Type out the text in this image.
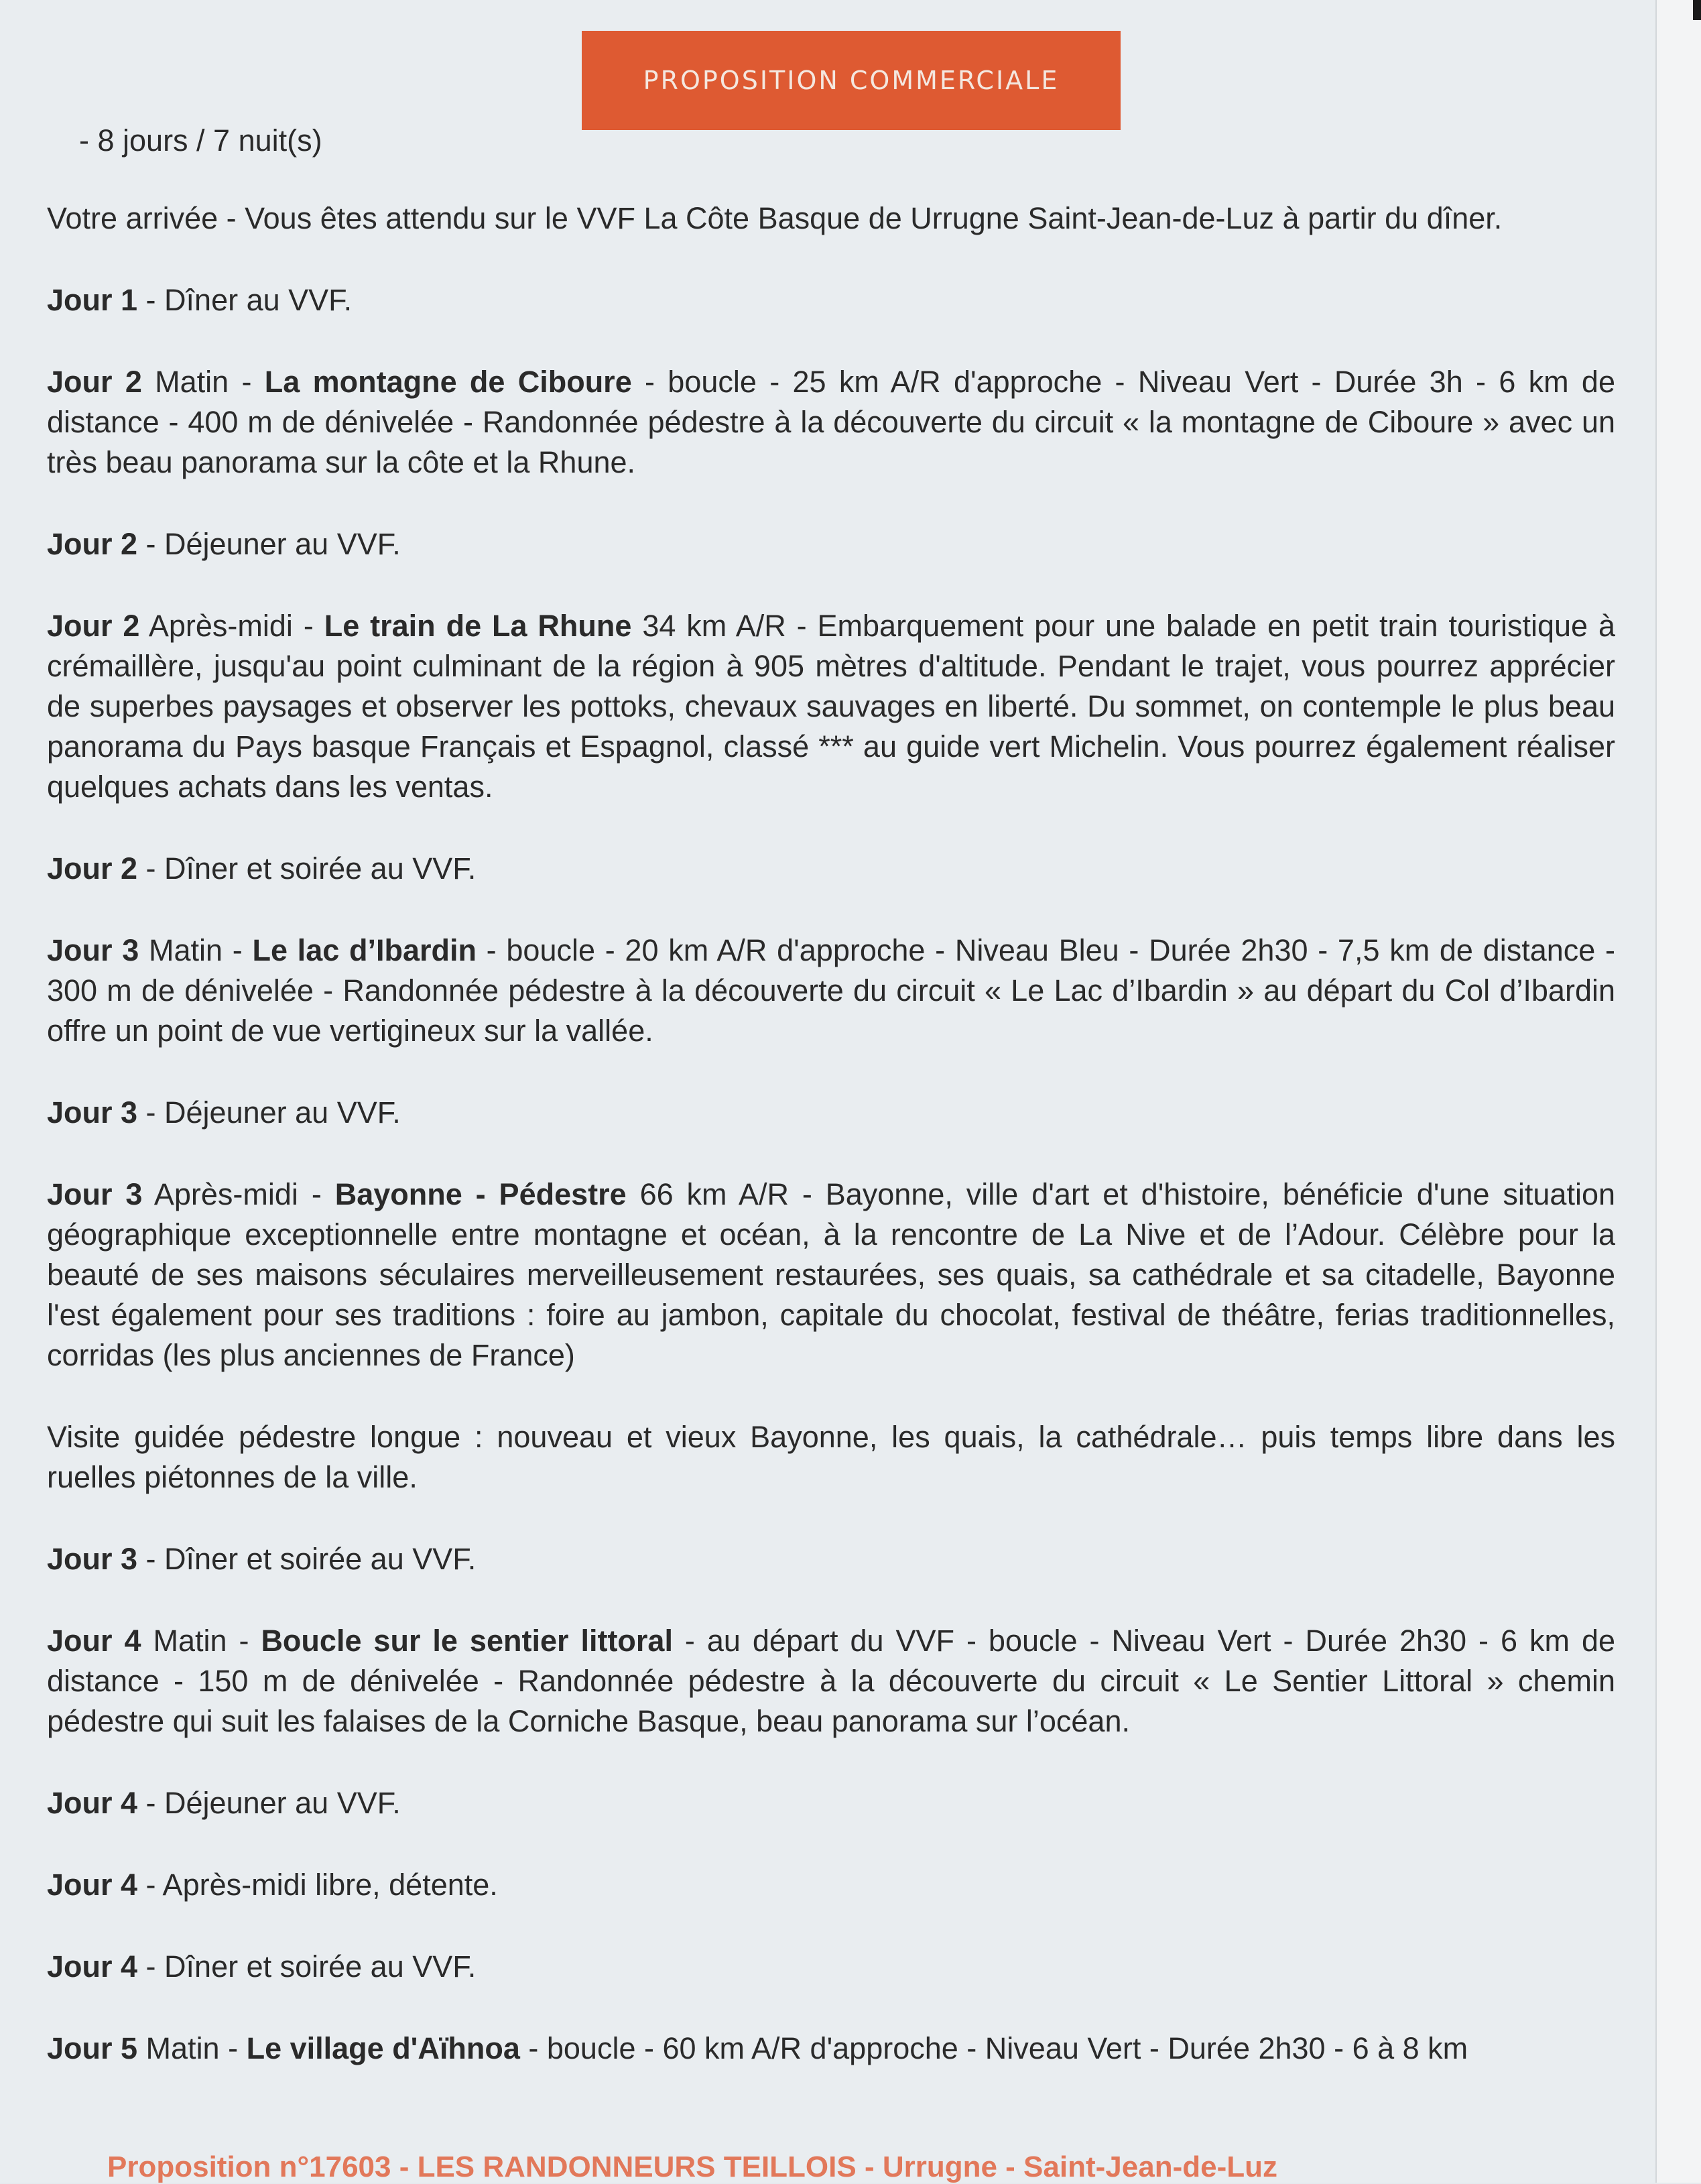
PROPOSITION COMMERCIALE

- 8 jours / 7 nuit(s)

Votre arrivée - Vous êtes attendu sur le VVF La Côte Basque de Urrugne Saint-Jean-de-Luz à partir du dîner.

Jour 1 - Dîner au VVF.

Jour 2 Matin - La montagne de Ciboure - boucle - 25 km A/R d'approche - Niveau Vert - Durée 3h - 6 km de distance - 400 m de dénivelée - Randonnée pédestre à la découverte du circuit « la montagne de Ciboure » avec un très beau panorama sur la côte et la Rhune.

Jour 2 - Déjeuner au VVF.

Jour 2 Après-midi - Le train de La Rhune 34 km A/R - Embarquement pour une balade en petit train touristique à crémaillère, jusqu'au point culminant de la région à 905 mètres d'altitude. Pendant le trajet, vous pourrez apprécier de superbes paysages et observer les pottoks, chevaux sauvages en liberté. Du sommet, on contemple le plus beau panorama du Pays basque Français et Espagnol, classé *** au guide vert Michelin. Vous pourrez également réaliser quelques achats dans les ventas.

Jour 2 - Dîner et soirée au VVF.

Jour 3 Matin - Le lac d’Ibardin - boucle - 20 km A/R d'approche - Niveau Bleu - Durée 2h30 - 7,5 km de distance - 300 m de dénivelée - Randonnée pédestre à la découverte du circuit « Le Lac d’Ibardin » au départ du Col d’Ibardin offre un point de vue vertigineux sur la vallée.

Jour 3 - Déjeuner au VVF.

Jour 3 Après-midi - Bayonne - Pédestre 66 km A/R - Bayonne, ville d'art et d'histoire, bénéficie d'une situation géographique exceptionnelle entre montagne et océan, à la rencontre de La Nive et de l’Adour. Célèbre pour la beauté de ses maisons séculaires merveilleusement restaurées, ses quais, sa cathédrale et sa citadelle, Bayonne l'est également pour ses traditions : foire au jambon, capitale du chocolat, festival de théâtre, ferias traditionnelles, corridas (les plus anciennes de France)

Visite guidée pédestre longue : nouveau et vieux Bayonne, les quais, la cathédrale… puis temps libre dans les ruelles piétonnes de la ville.

Jour 3 - Dîner et soirée au VVF.

Jour 4 Matin - Boucle sur le sentier littoral - au départ du VVF - boucle - Niveau Vert - Durée 2h30 - 6 km de distance - 150 m de dénivelée - Randonnée pédestre à la découverte du circuit « Le Sentier Littoral » chemin pédestre qui suit les falaises de la Corniche Basque, beau panorama sur l’océan.

Jour 4 - Déjeuner au VVF.

Jour 4 - Après-midi libre, détente.

Jour 4 - Dîner et soirée au VVF.

Jour 5 Matin - Le village d'Aïhnoa - boucle - 60 km A/R d'approche - Niveau Vert - Durée 2h30 - 6 à 8 km

Proposition n°17603 - LES RANDONNEURS TEILLOIS - Urrugne - Saint-Jean-de-Luz
